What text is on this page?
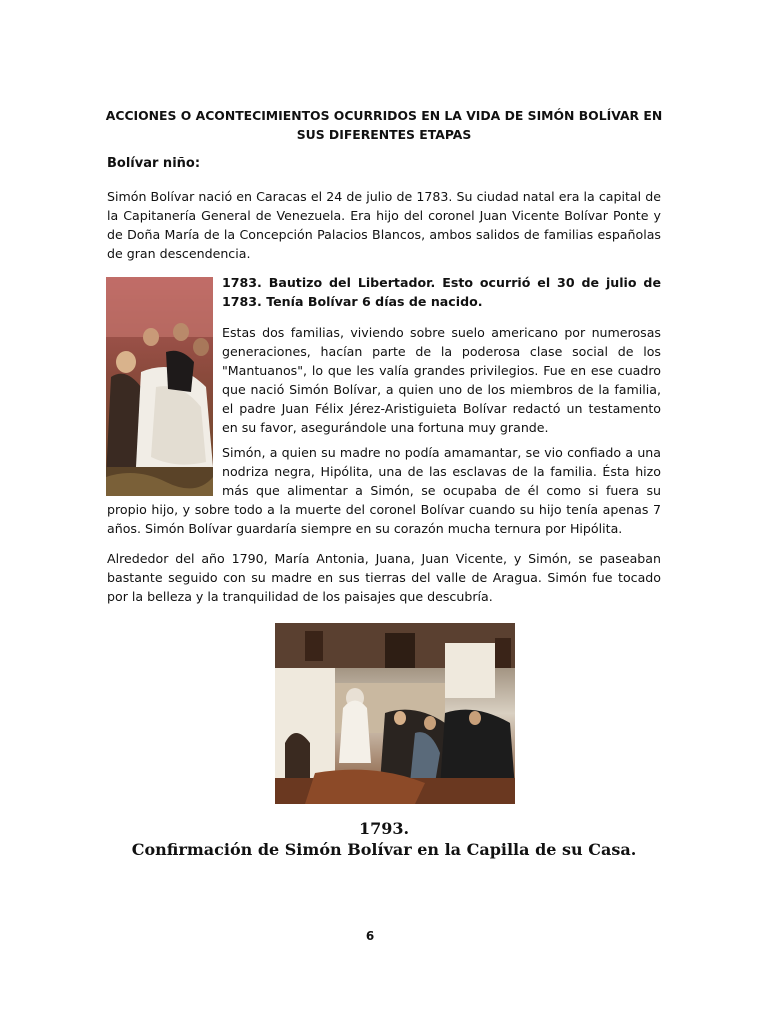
ACCIONES O ACONTECIMIENTOS OCURRIDOS EN LA VIDA DE SIMÓN BOLÍVAR EN SUS DIFERENTES ETAPAS
Bolívar niño:

Simón Bolívar nació en Caracas el 24 de julio de 1783. Su ciudad natal era la capital de la Capitanería General de Venezuela. Era hijo del coronel Juan Vicente Bolívar Ponte y de Doña María de la Concepción Palacios Blancos, ambos salidos de familias españolas de gran descendencia.

1783. Bautizo del Libertador. Esto ocurrió el 30 de julio de 1783. Tenía Bolívar 6 días de nacido.

Estas dos familias, viviendo sobre suelo americano por numerosas generaciones, hacían parte de la poderosa clase social de los "Mantuanos", lo que les valía grandes privilegios. Fue en ese cuadro que nació Simón Bolívar, a quien uno de los miembros de la familia, el padre Juan Félix Jérez-Aristiguieta Bolívar redactó un testamento en su favor, asegurándole una fortuna muy grande.

Simón, a quien su madre no podía amamantar, se vio confiado a una nodriza negra, Hipólita, una de las esclavas de la familia. Ésta hizo más que alimentar a Simón, se ocupaba de él como si fuera su propio hijo, y sobre todo a la muerte del coronel Bolívar cuando su hijo tenía apenas 7 años. Simón Bolívar guardaría siempre en su corazón mucha ternura por Hipólita.

Alrededor del año 1790, María Antonia, Juana, Juan Vicente, y Simón, se paseaban bastante seguido con su madre en sus tierras del valle de Aragua. Simón fue tocado por la belleza y la tranquilidad de los paisajes que descubría.

1793.
Confirmación de Simón Bolívar en la Capilla de su Casa.
6
